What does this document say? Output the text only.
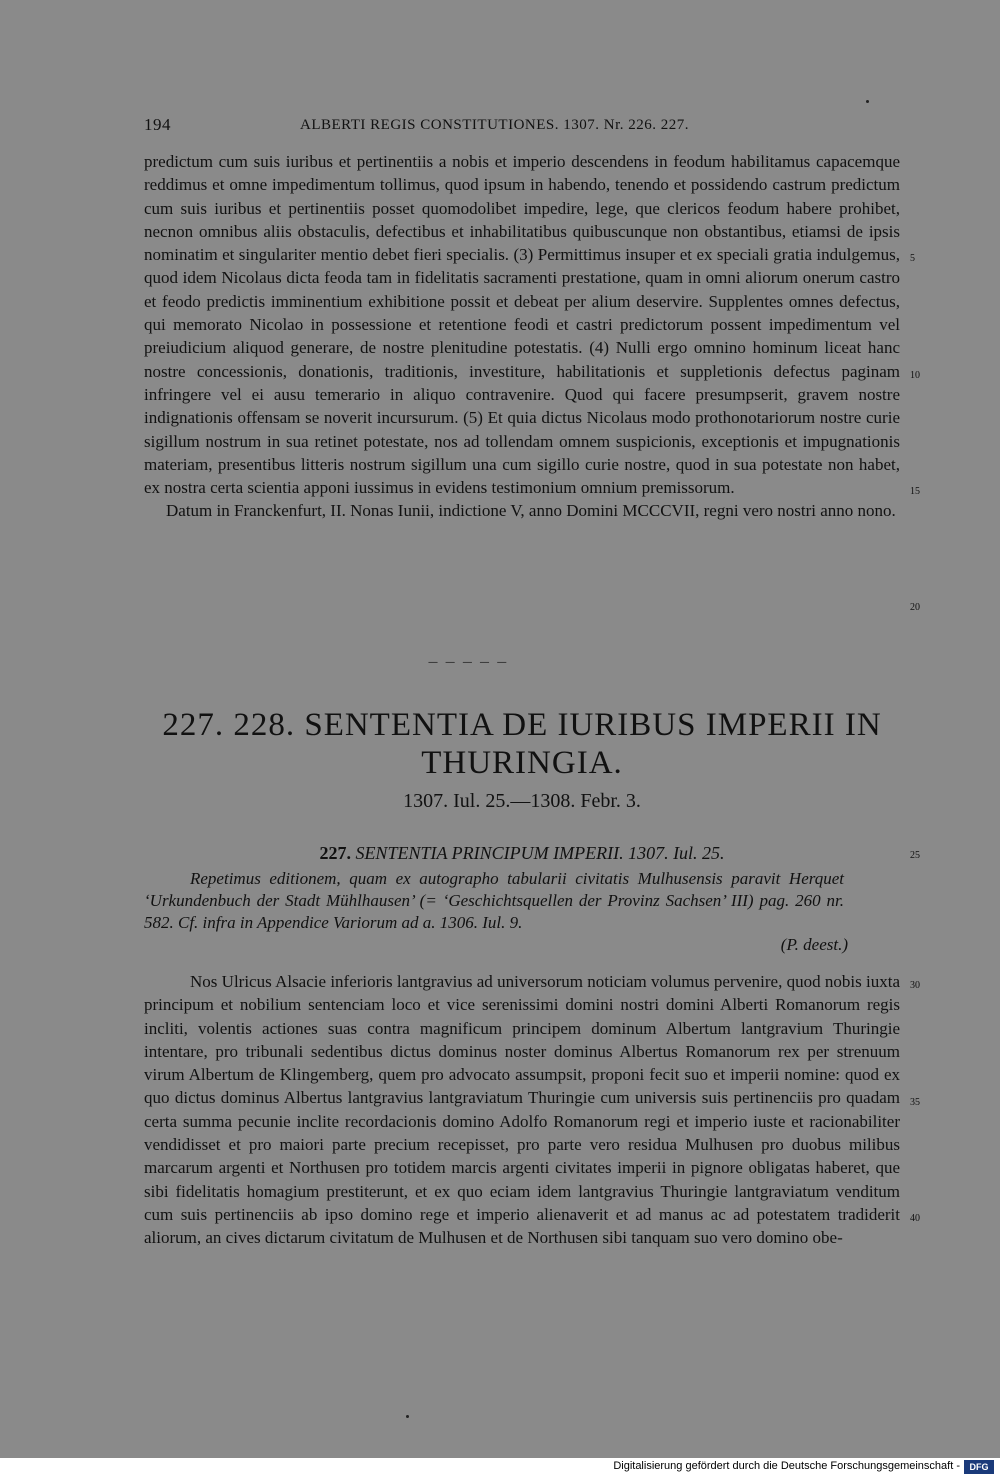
194	ALBERTI REGIS CONSTITUTIONES. 1307. Nr. 226. 227.

predictum cum suis iuribus et pertinentiis a nobis et imperio descendens in feodum habilitamus capacemque reddimus et omne impedimentum tollimus, quod ipsum in habendo, tenendo et possidendo castrum predictum cum suis iuribus et pertinentiis posset quomodolibet impedire, lege, que clericos feodum habere prohibet, necnon omnibus aliis obstaculis, defectibus et inhabilitatibus quibuscunque non obstantibus, etiamsi de ipsis nominatim et singulariter mentio debet fieri specialis. (3) Permittimus insuper et ex speciali gratia indulgemus, quod idem Nicolaus dicta feoda tam in fidelitatis sacramenti prestatione, quam in omni aliorum onerum castro et feodo predictis imminentium exhibitione possit et debeat per alium deservire. Supplentes omnes defectus, qui memorato Nicolao in possessione et retentione feodi et castri predictorum possent impedimentum vel preiudicium aliquod generare, de nostre plenitudine potestatis. (4) Nulli ergo omnino hominum liceat hanc nostre concessionis, donationis, traditionis, investiture, habilitationis et suppletionis defectus paginam infringere vel ei ausu temerario in aliquo contravenire. Quod qui facere presumpserit, gravem nostre indignationis offensam se noverit incursurum. (5) Et quia dictus Nicolaus modo prothonotariorum nostre curie sigillum nostrum in sua retinet potestate, nos ad tollendam omnem suspicionis, exceptionis et impugnationis materiam, presentibus litteris nostrum sigillum una cum sigillo curie nostre, quod in sua potestate non habet, ex nostra certa scientia apponi iussimus in evidens testimonium omnium premissorum.

Datum in Franckenfurt, II. Nonas Iunii, indictione V, anno Domini MCCCVII, regni vero nostri anno nono.

5
10
15
20
— — — — —
227. 228. SENTENTIA DE IURIBUS IMPERII IN THURINGIA.
1307. Iul. 25.—1308. Febr. 3.
227. SENTENTIA PRINCIPUM IMPERII. 1307. Iul. 25.	25
Repetimus editionem, quam ex autographo tabularii civitatis Mulhusensis paravit Herquet ‘Urkundenbuch der Stadt Mühlhausen’ (= ‘Geschichtsquellen der Provinz Sachsen’ III) pag. 260 nr. 582. Cf. infra in Appendice Variorum ad a. 1306. Iul. 9.
(P. deest.)

Nos Ulricus Alsacie inferioris lantgravius ad universorum noticiam volumus pervenire, quod nobis iuxta principum et nobilium sentenciam loco et vice serenissimi domini nostri domini Alberti Romanorum regis incliti, volentis actiones suas contra magnificum principem dominum Albertum lantgravium Thuringie intentare, pro tribunali sedentibus dictus dominus noster dominus Albertus Romanorum rex per strenuum virum Albertum de Klingemberg, quem pro advocato assumpsit, proponi fecit suo et imperii nomine: quod ex quo dictus dominus Albertus lantgravius lantgraviatum Thuringie cum universis suis pertinenciis pro quadam certa summa pecunie inclite recordacionis domino Adolfo Romanorum regi et imperio iuste et racionabiliter vendidisset et pro maiori parte precium recepisset, pro parte vero residua Mulhusen pro duobus milibus marcarum argenti et Northusen pro totidem marcis argenti civitates imperii in pignore obligatas haberet, que sibi fidelitatis homagium prestiterunt, et ex quo eciam idem lantgravius Thuringie lantgraviatum venditum cum suis pertinenciis ab ipso domino rege et imperio alienaverit et ad manus ac ad potestatem tradiderit aliorum, an cives dictarum civitatum de Mulhusen et de Northusen sibi tanquam suo vero domino obe-

30
35
40
Digitalisierung gefördert durch die Deutsche Forschungsgemeinschaft -	DFG
